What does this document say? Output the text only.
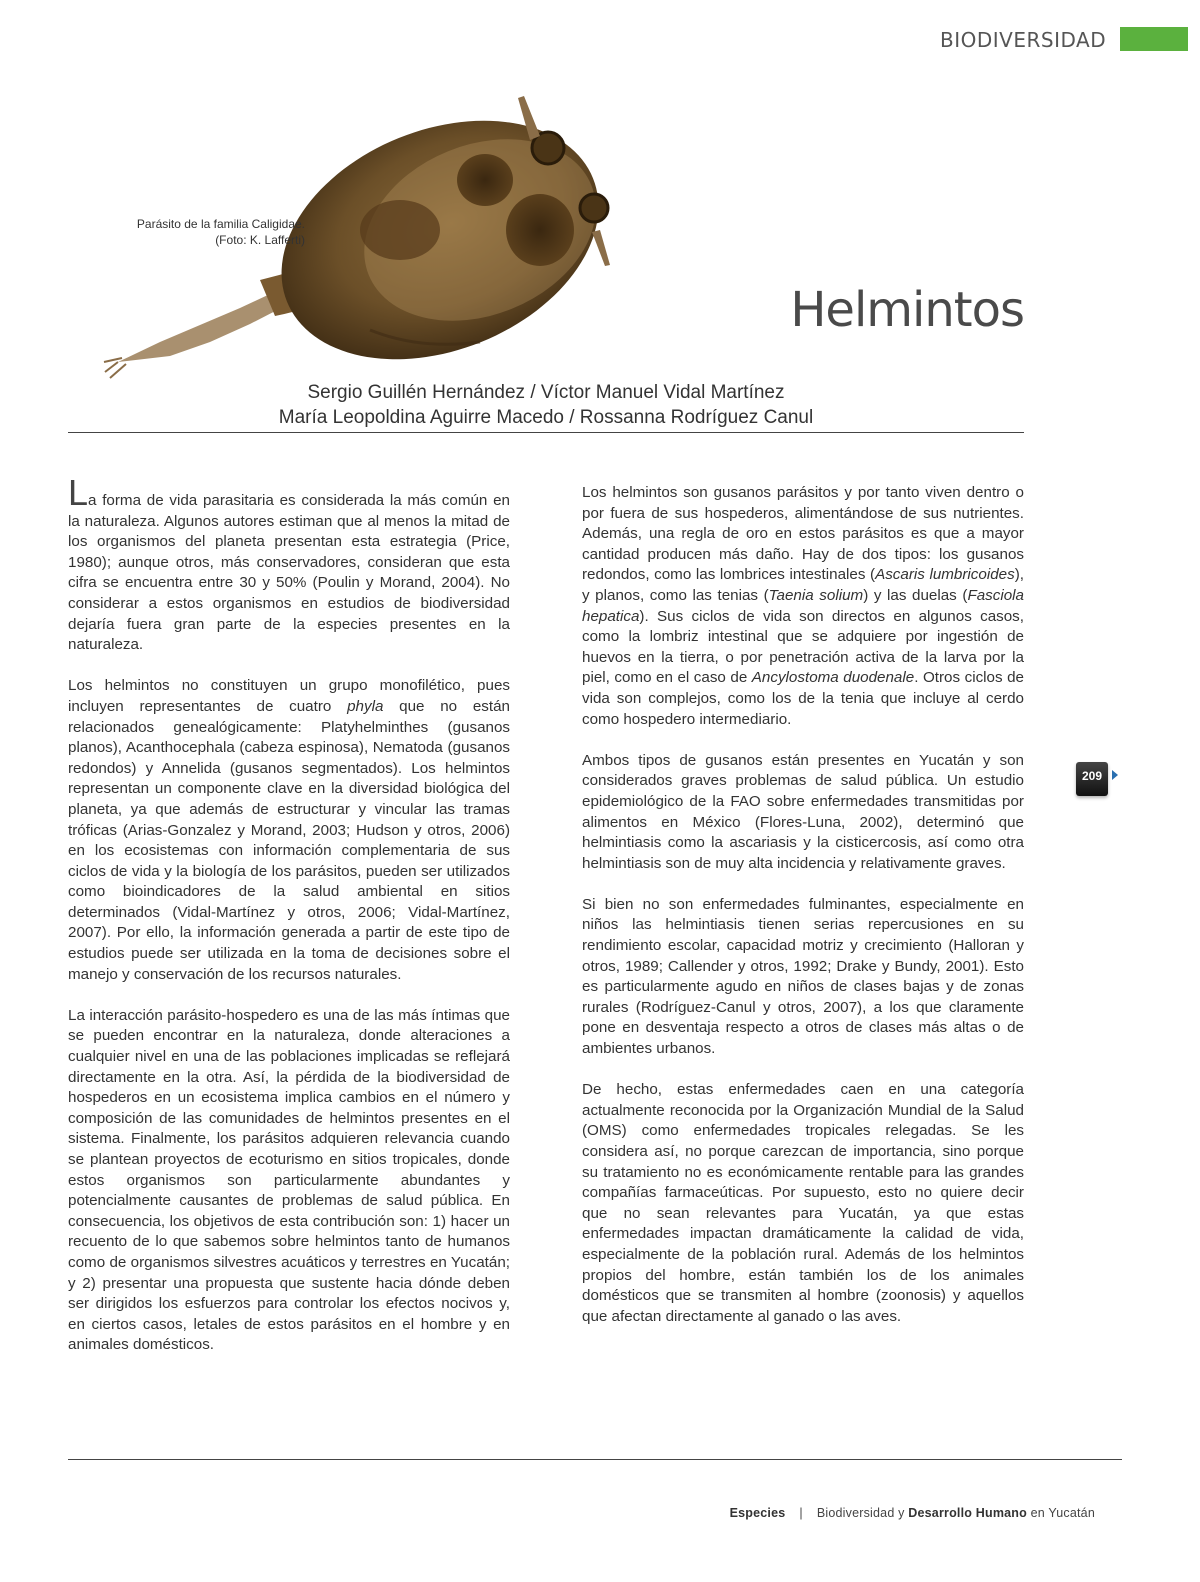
BIODIVERSIDAD
Parásito de la familia Caligidae.
(Foto: K. Lafferti)
Helmintos
Sergio Guillén Hernández / Víctor Manuel Vidal Martínez
María Leopoldina Aguirre Macedo / Rossanna Rodríguez Canul

La forma de vida parasitaria es considerada la más común en la naturaleza. Algunos autores estiman que al menos la mitad de los organismos del planeta presentan esta estrategia (Price, 1980); aunque otros, más conservadores, consideran que esta cifra se encuentra entre 30 y 50% (Poulin y Morand, 2004). No considerar a estos organismos en estudios de biodiversidad dejaría fuera gran parte de la especies presentes en la naturaleza.

Los helmintos no constituyen un grupo monofilético, pues incluyen representantes de cuatro phyla que no están relacionados genealógicamente: Platyhelminthes (gusanos planos), Acanthocephala (cabeza espinosa), Nematoda (gusanos redondos) y Annelida (gusanos segmentados). Los helmintos representan un componente clave en la diversidad biológica del planeta, ya que además de estructurar y vincular las tramas tróficas (Arias-Gonzalez y Morand, 2003; Hudson y otros, 2006) en los ecosistemas con información complementaria de sus ciclos de vida y la biología de los parásitos, pueden ser utilizados como bioindicadores de la salud ambiental en sitios determinados (Vidal-Martínez y otros, 2006; Vidal-Martínez, 2007). Por ello, la información generada a partir de este tipo de estudios puede ser utilizada en la toma de decisiones sobre el manejo y conservación de los recursos naturales.

La interacción parásito-hospedero es una de las más íntimas que se pueden encontrar en la naturaleza, donde alteraciones a cualquier nivel en una de las poblaciones implicadas se reflejará directamente en la otra. Así, la pérdida de la biodiversidad de hospederos en un ecosistema implica cambios en el número y composición de las comunidades de helmintos presentes en el sistema. Finalmente, los parásitos adquieren relevancia cuando se plantean proyectos de ecoturismo en sitios tropicales, donde estos organismos son particularmente abundantes y potencialmente causantes de problemas de salud pública. En consecuencia, los objetivos de esta contribución son: 1) hacer un recuento de lo que sabemos sobre helmintos tanto de humanos como de organismos silvestres acuáticos y terrestres en Yucatán; y 2) presentar una propuesta que sustente hacia dónde deben ser dirigidos los esfuerzos para controlar los efectos nocivos y, en ciertos casos, letales de estos parásitos en el hombre y en animales domésticos.

Los helmintos son gusanos parásitos y por tanto viven dentro o por fuera de sus hospederos, alimentándose de sus nutrientes. Además, una regla de oro en estos parásitos es que a mayor cantidad producen más daño. Hay de dos tipos: los gusanos redondos, como las lombrices intestinales (Ascaris lumbricoides), y planos, como las tenias (Taenia solium) y las duelas (Fasciola hepatica). Sus ciclos de vida son directos en algunos casos, como la lombriz intestinal que se adquiere por ingestión de huevos en la tierra, o por penetración activa de la larva por la piel, como en el caso de Ancylostoma duodenale. Otros ciclos de vida son complejos, como los de la tenia que incluye al cerdo como hospedero intermediario.

Ambos tipos de gusanos están presentes en Yucatán y son considerados graves problemas de salud pública. Un estudio epidemiológico de la FAO sobre enfermedades transmitidas por alimentos en México (Flores-Luna, 2002), determinó que helmintiasis como la ascariasis y la cisticercosis, así como otra helmintiasis son de muy alta incidencia y relativamente graves.

Si bien no son enfermedades fulminantes, especialmente en niños las helmintiasis tienen serias repercusiones en su rendimiento escolar, capacidad motriz y crecimiento (Halloran y otros, 1989; Callender y otros, 1992; Drake y Bundy, 2001). Esto es particularmente agudo en niños de clases bajas y de zonas rurales (Rodríguez-Canul y otros, 2007), a los que claramente pone en desventaja respecto a otros de clases más altas o de ambientes urbanos.

De hecho, estas enfermedades caen en una categoría actualmente reconocida por la Organización Mundial de la Salud (OMS) como enfermedades tropicales relegadas. Se les considera así, no porque carezcan de importancia, sino porque su tratamiento no es económicamente rentable para las grandes compañías farmaceúticas. Por supuesto, esto no quiere decir que no sean relevantes para Yucatán, ya que estas enfermedades impactan dramáticamente la calidad de vida, especialmente de la población rural. Además de los helmintos propios del hombre, están también los de los animales domésticos que se transmiten al hombre (zoonosis) y aquellos que afectan directamente al ganado o las aves.

209
Especies | Biodiversidad y Desarrollo Humano en Yucatán
